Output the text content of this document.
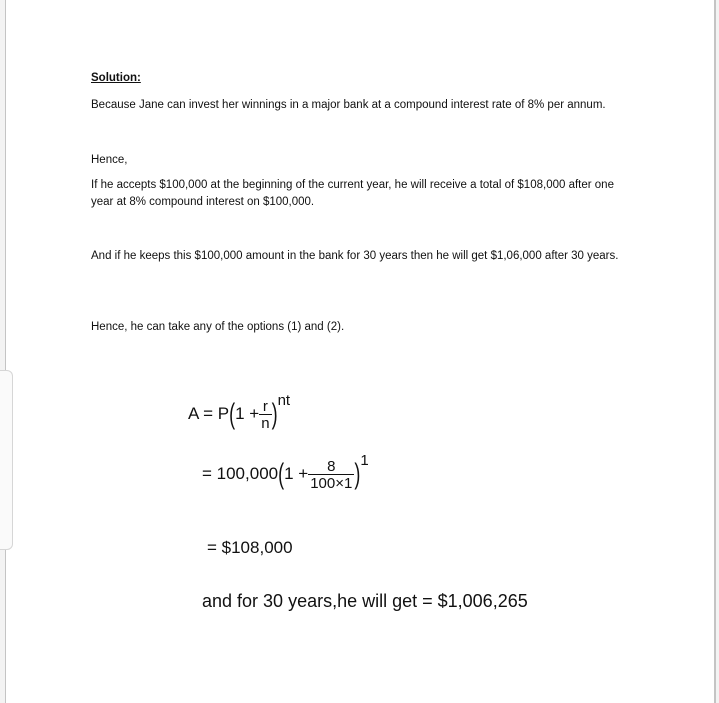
Solution:
Because Jane can invest her winnings in a major bank at a compound interest rate of 8% per annum.
Hence,
If he accepts $100,000 at the beginning of the current year, he will receive a total of $108,000 after one year at 8% compound interest on $100,000.
And if he keeps this $100,000 amount in the bank for 30 years then he will get $1,06,000 after 30 years.
Hence, he can take any of the options (1) and (2).
$A = P(1 + \frac{r}{n} )nt$
= $100,000(1 + \frac{8}{100\times 1} )1$
= $108,000
and for 30 years,he will get = $1,006,265
